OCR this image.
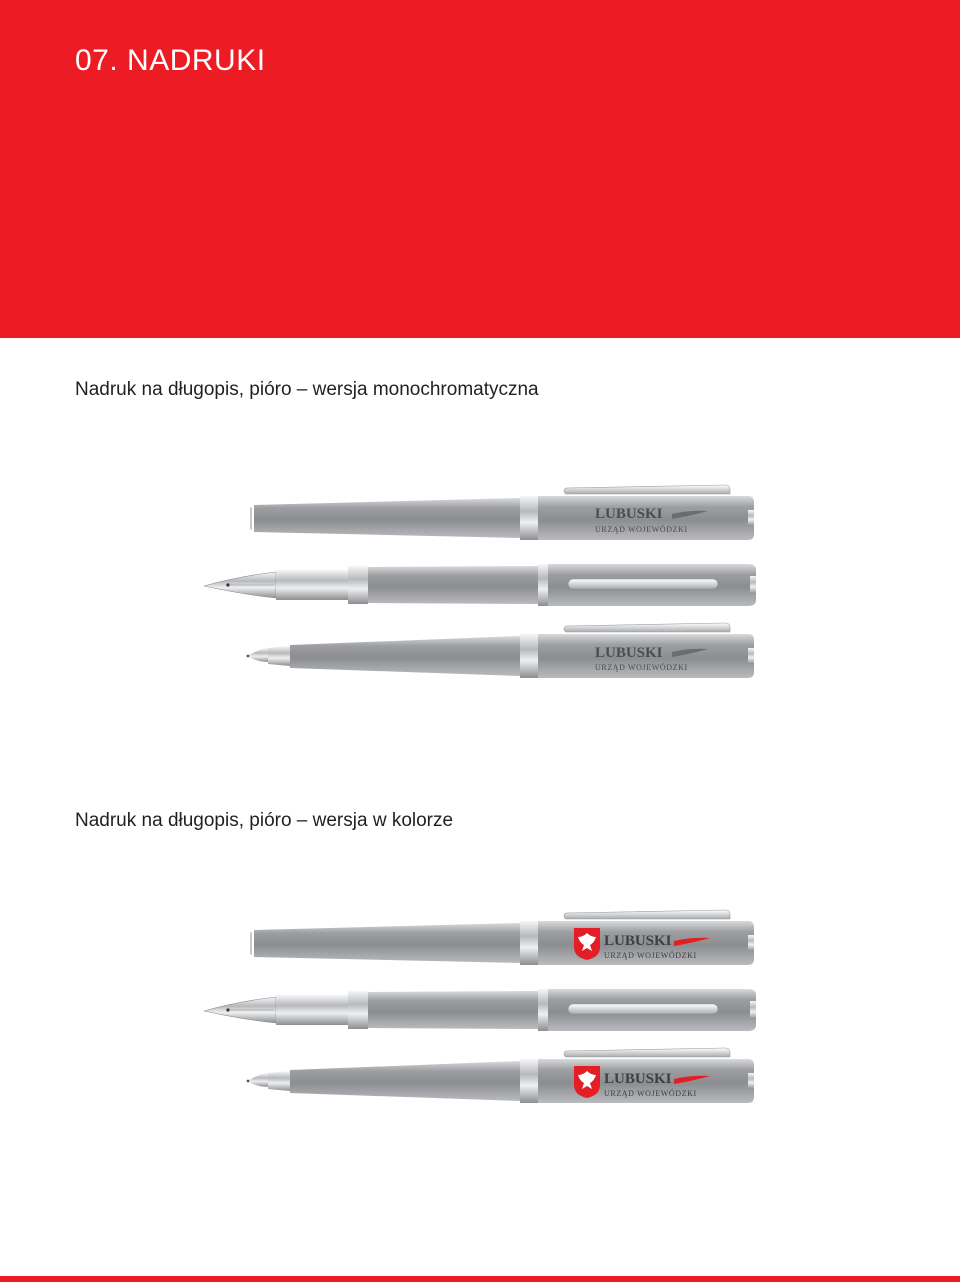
07. NADRUKI
Nadruk na długopis, pióro – wersja monochromatyczna
LUBUSKI
URZĄD WOJEWÓDZKI
LUBUSKI
URZĄD WOJEWÓDZKI
Nadruk na długopis, pióro – wersja w kolorze
LUBUSKI
URZĄD WOJEWÓDZKI
LUBUSKI
URZĄD WOJEWÓDZKI
